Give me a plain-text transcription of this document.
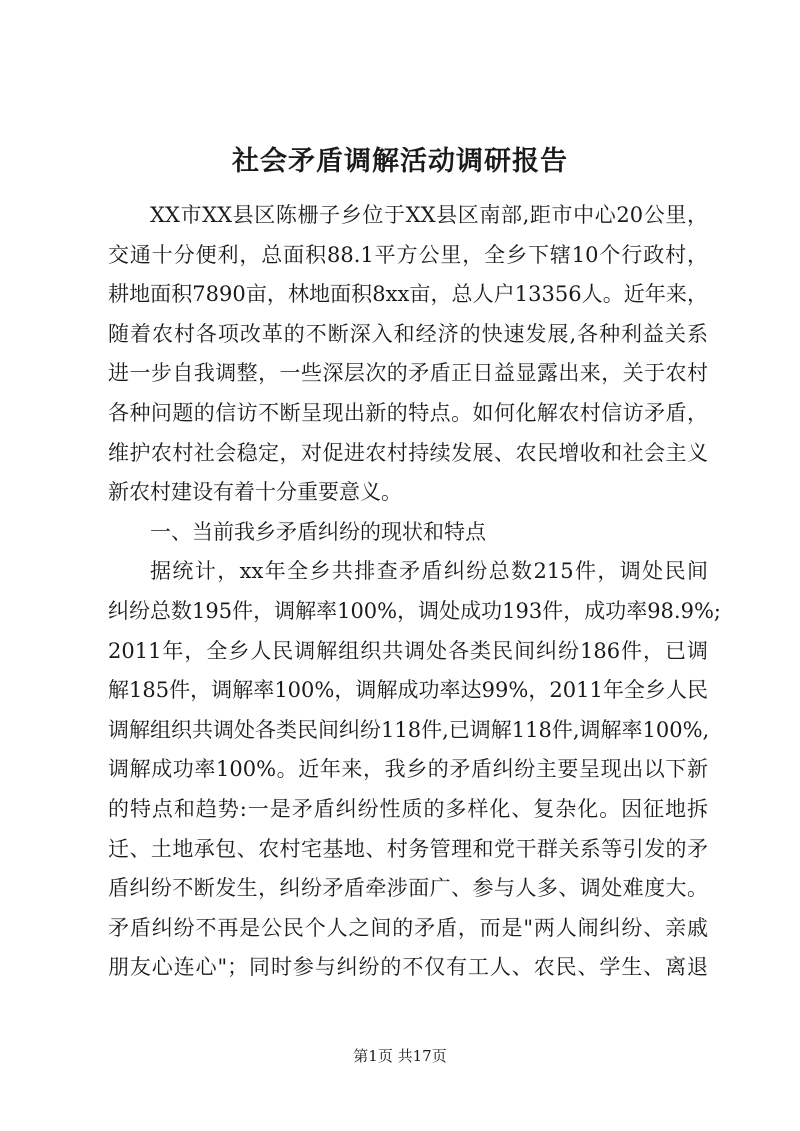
社会矛盾调解活动调研报告
XX市XX县区陈栅子乡位于XX县区南部,距市中心20公里，
交通十分便利，总面积88.1平方公里，全乡下辖10个行政村，
耕地面积7890亩，林地面积8xx亩，总人户13356人。近年来，
随着农村各项改革的不断深入和经济的快速发展,各种利益关系
进一步自我调整，一些深层次的矛盾正日益显露出来，关于农村
各种问题的信访不断呈现出新的特点。如何化解农村信访矛盾，
维护农村社会稳定，对促进农村持续发展、农民增收和社会主义
新农村建设有着十分重要意义。
一、当前我乡矛盾纠纷的现状和特点
据统计，xx年全乡共排查矛盾纠纷总数215件，调处民间
纠纷总数195件，调解率100%，调处成功193件，成功率98.9%;
2011年，全乡人民调解组织共调处各类民间纠纷186件，已调
解185件，调解率100%，调解成功率达99%，2011年全乡人民
调解组织共调处各类民间纠纷118件,已调解118件,调解率100%,
调解成功率100%。近年来，我乡的矛盾纠纷主要呈现出以下新
的特点和趋势:一是矛盾纠纷性质的多样化、复杂化。因征地拆
迁、土地承包、农村宅基地、村务管理和党干群关系等引发的矛
盾纠纷不断发生，纠纷矛盾牵涉面广、参与人多、调处难度大。
矛盾纠纷不再是公民个人之间的矛盾，而是"两人闹纠纷、亲戚
朋友心连心"；同时参与纠纷的不仅有工人、农民、学生、离退
第1页 共17页
